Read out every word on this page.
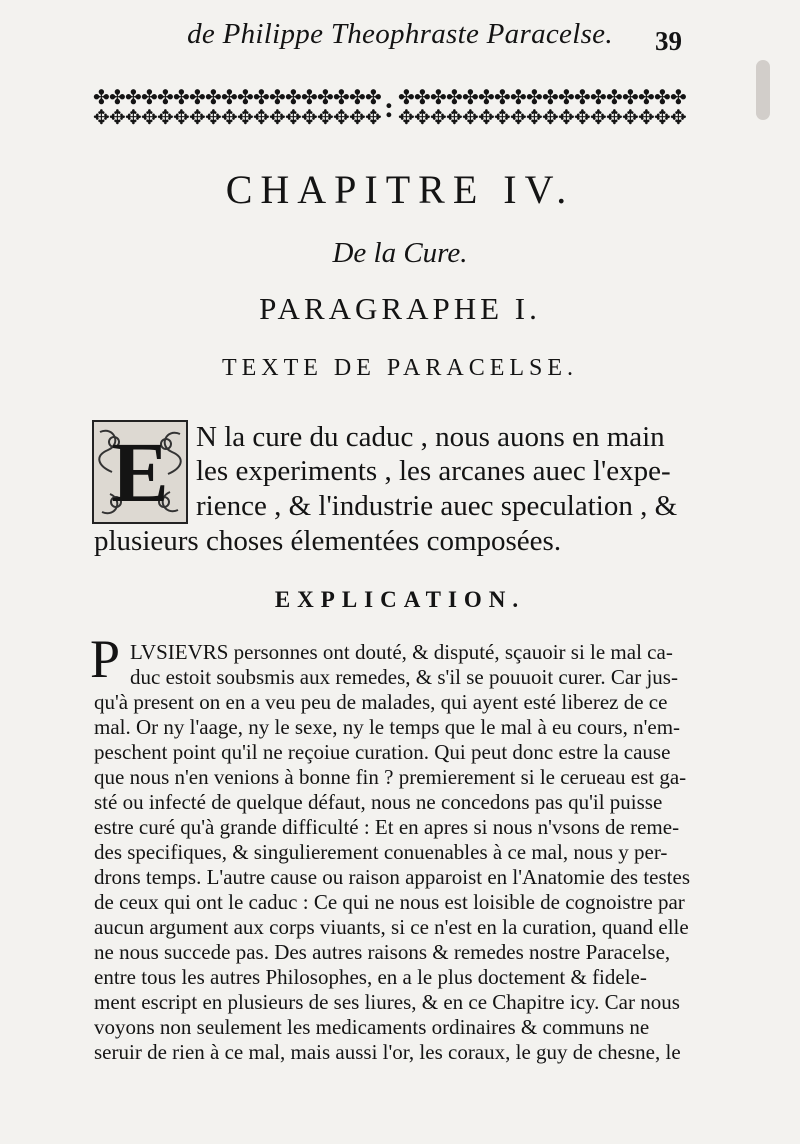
de Philippe Theophraste Paracelse.	39
✤ ✤ ✤ ✤ ✤ ✤ ✤ ✤ ✤ ✤ ✤ ✤ ✤ ✤ ✤ ✤ ✤ ✤
✥ ✥ ✥ ✥ ✥ ✥ ✥ ✥ ✥ ✥ ✥ ✥ ✥ ✥ ✥ ✥ ✥ ✥ : ✤ ✤ ✤ ✤ ✤ ✤ ✤ ✤ ✤ ✤ ✤ ✤ ✤ ✤ ✤ ✤ ✤ ✤
✥ ✥ ✥ ✥ ✥ ✥ ✥ ✥ ✥ ✥ ✥ ✥ ✥ ✥ ✥ ✥ ✥ ✥
CHAPITRE IV.
De la Cure.
PARAGRAPHE I.
TEXTE DE PARACELSE.
E N la cure du caduc , nous auons en main
les experiments , les arcanes auec l'expe-
rience , & l'industrie auec speculation , &
plusieurs choses élementées composées.
EXPLICATION.
P LVSIEVRS personnes ont douté, & disputé, sçauoir si le mal ca-
duc estoit soubsmis aux remedes, & s'il se pouuoit curer. Car jus-
qu'à present on en a veu peu de malades, qui ayent esté liberez de ce
mal. Or ny l'aage, ny le sexe, ny le temps que le mal à eu cours, n'em-
peschent point qu'il ne reçoiue curation. Qui peut donc estre la cause
que nous n'en venions à bonne fin ? premierement si le cerueau est ga-
sté ou infecté de quelque défaut, nous ne concedons pas qu'il puisse
estre curé qu'à grande difficulté : Et en apres si nous n'vsons de reme-
des specifiques, & singulierement conuenables à ce mal, nous y per-
drons temps. L'autre cause ou raison apparoist en l'Anatomie des testes
de ceux qui ont le caduc : Ce qui ne nous est loisible de cognoistre par
aucun argument aux corps viuants, si ce n'est en la curation, quand elle
ne nous succede pas. Des autres raisons & remedes nostre Paracelse,
entre tous les autres Philosophes, en a le plus doctement & fidele-
ment escript en plusieurs de ses liures, & en ce Chapitre icy. Car nous
voyons non seulement les medicaments ordinaires & communs ne
seruir de rien à ce mal, mais aussi l'or, les coraux, le guy de chesne, le
